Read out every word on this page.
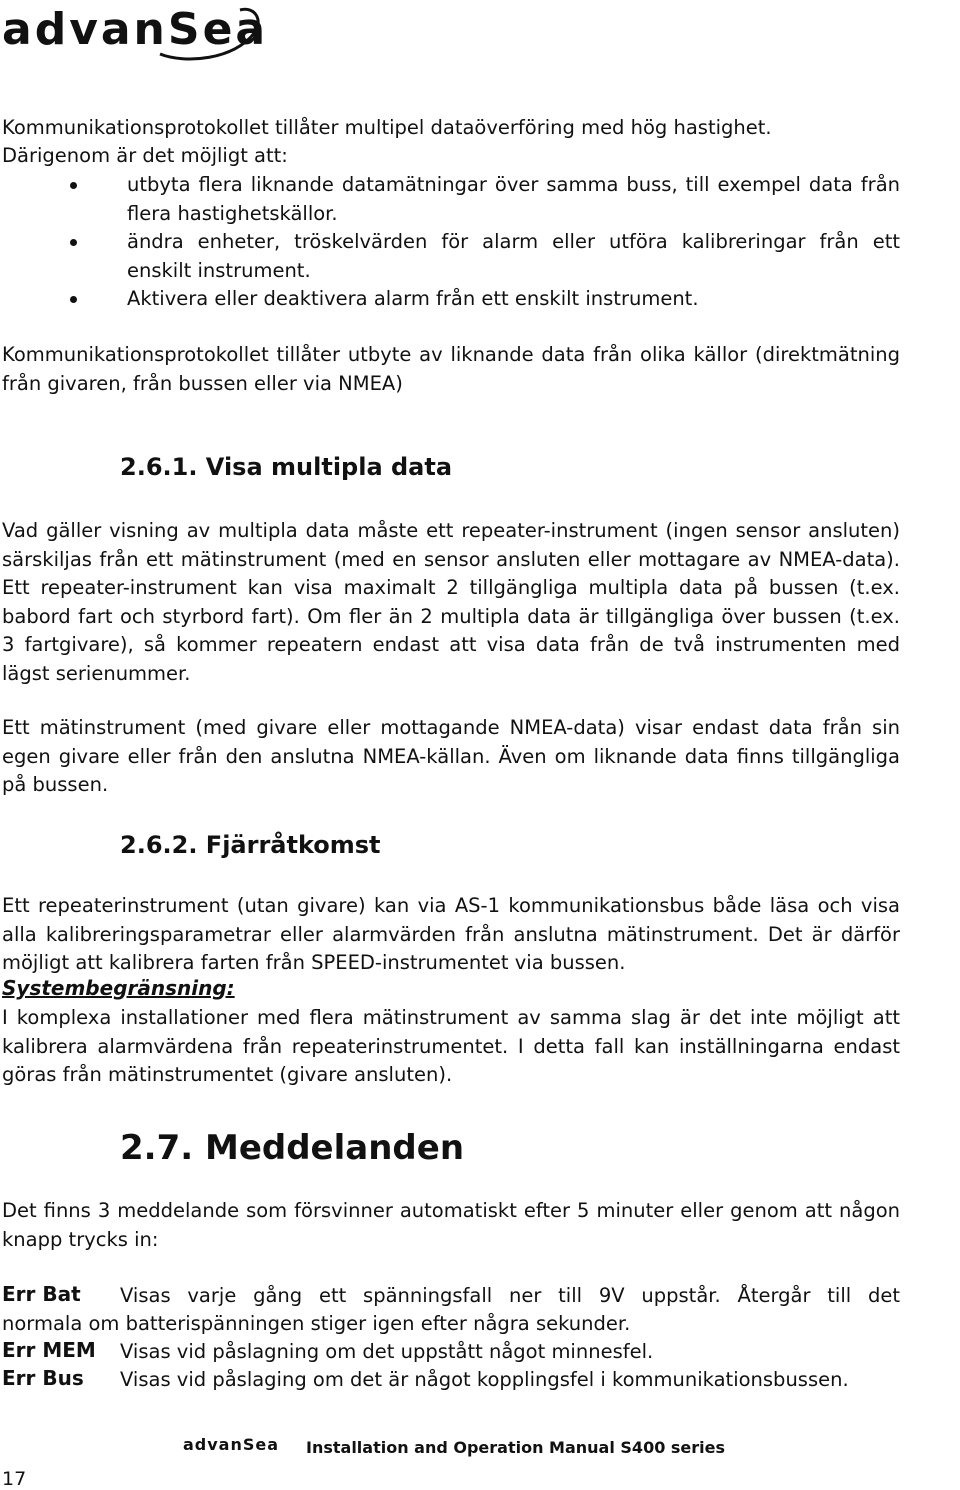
advanSea

Kommunikationsprotokollet tillåter multipel dataöverföring med hög hastighet.

Därigenom är det möjligt att:

utbyta flera liknande datamätningar över samma buss, till exempel data från flera hastighetskällor.
ändra enheter, tröskelvärden för alarm eller utföra kalibreringar från ett enskilt instrument.
Aktivera eller deaktivera alarm från ett enskilt instrument.

Kommunikationsprotokollet tillåter utbyte av liknande data från olika källor (direktmätning från givaren, från bussen eller via NMEA)

2.6.1. Visa multipla data

Vad gäller visning av multipla data måste ett repeater-instrument (ingen sensor ansluten) särskiljas från ett mätinstrument (med en sensor ansluten eller mottagare av NMEA-data). Ett repeater-instrument kan visa maximalt 2 tillgängliga multipla data på bussen (t.ex. babord fart och styrbord fart). Om fler än 2 multipla data är tillgängliga över bussen (t.ex. 3 fartgivare), så kommer repeatern endast att visa data från de två instrumenten med lägst serienummer.

Ett mätinstrument (med givare eller mottagande NMEA-data) visar endast data från sin egen givare eller från den anslutna NMEA-källan. Även om liknande data finns tillgängliga på bussen.

2.6.2. Fjärråtkomst

Ett repeaterinstrument (utan givare) kan via AS-1 kommunikationsbus både läsa och visa alla kalibreringsparametrar eller alarmvärden från anslutna mätinstrument. Det är därför möjligt att kalibrera farten från SPEED-instrumentet via bussen.

Systembegränsning:

I komplexa installationer med flera mätinstrument av samma slag är det inte möjligt att kalibrera alarmvärdena från repeaterinstrumentet. I detta fall kan inställningarna endast göras från mätinstrumentet (givare ansluten).

2.7. Meddelanden

Det finns 3 meddelande som försvinner automatiskt efter 5 minuter eller genom att någon knapp trycks in:

Err Bat Visas varje gång ett spänningsfall ner till 9V uppstår. Återgår till det
normala om batterispänningen stiger igen efter några sekunder.
Err MEM Visas vid påslagning om det uppstått något minnesfel.
Err Bus Visas vid påslaging om det är något kopplingsfel i kommunikationsbussen.
advanSea Installation and Operation Manual S400 series
17
